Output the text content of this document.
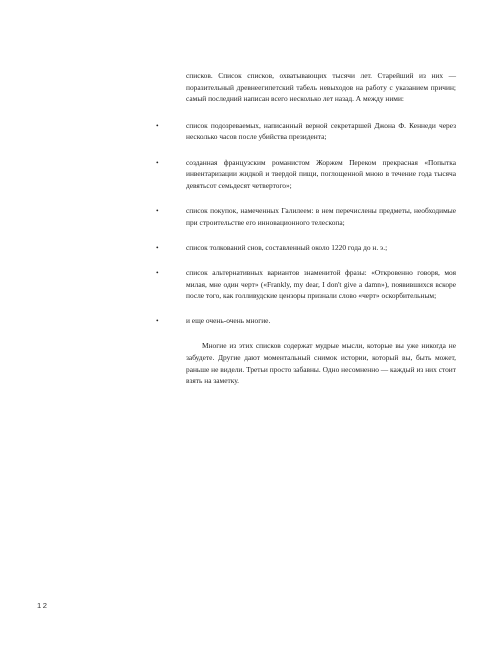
списков. Список списков, охватывающих тысячи лет. Старейший из них — поразительный древнеегипетский табель невыходов на работу с указанием причин; самый последний написан всего несколько лет назад. А между ними:

•	список подозреваемых, написанный верной секретаршей Джона Ф. Кеннеди через несколько часов после убийства президента;
•	созданная французским романистом Жоржем Переком прекрасная «Попытка инвентаризации жидкой и твердой пищи, поглощенной мною в течение года тысяча девятьсот семьдесят четвертого»;
•	список покупок, намеченных Галилеем: в нем перечислены предметы, необходимые при строительстве его инновационного телескопа;
•	список толкований снов, составленный около 1220 года до н. э.;
•	список альтернативных вариантов знаменитой фразы: «Откровенно говоря, моя милая, мне один черт» («Frankly, my dear, I don't give a damn»), появившихся вскоре после того, как голливудские цензоры признали слово «черт» оскорбительным;
•	и еще очень-очень многие.

Многие из этих списков содержат мудрые мысли, которые вы уже никогда не забудете. Другие дают моментальный снимок истории, который вы, быть может, раньше не видели. Третьи просто забавны. Одно несомненно — каждый из них стоит взять на заметку.

12
